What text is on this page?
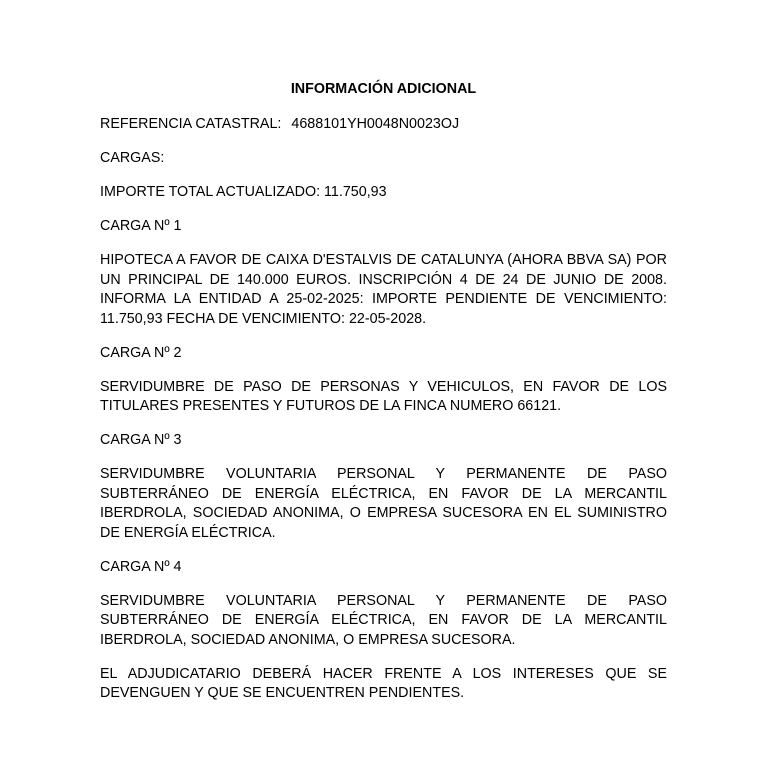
INFORMACIÓN ADICIONAL
REFERENCIA CATASTRAL: 4688101YH0048N0023OJ
CARGAS:
IMPORTE TOTAL ACTUALIZADO: 11.750,93
CARGA Nº 1
HIPOTECA A FAVOR DE CAIXA D'ESTALVIS DE CATALUNYA (AHORA BBVA SA) POR UN PRINCIPAL DE 140.000 EUROS. INSCRIPCIÓN 4 DE 24 DE JUNIO DE 2008. INFORMA LA ENTIDAD A 25-02-2025: IMPORTE PENDIENTE DE VENCIMIENTO: 11.750,93 FECHA DE VENCIMIENTO: 22-05-2028.
CARGA Nº 2
SERVIDUMBRE DE PASO DE PERSONAS Y VEHICULOS, EN FAVOR DE LOS TITULARES PRESENTES Y FUTUROS DE LA FINCA NUMERO 66121.
CARGA Nº 3
SERVIDUMBRE VOLUNTARIA PERSONAL Y PERMANENTE DE PASO SUBTERRÁNEO DE ENERGÍA ELÉCTRICA, EN FAVOR DE LA MERCANTIL IBERDROLA, SOCIEDAD ANONIMA, O EMPRESA SUCESORA EN EL SUMINISTRO DE ENERGÍA ELÉCTRICA.
CARGA Nº 4
SERVIDUMBRE VOLUNTARIA PERSONAL Y PERMANENTE DE PASO SUBTERRÁNEO DE ENERGÍA ELÉCTRICA, EN FAVOR DE LA MERCANTIL IBERDROLA, SOCIEDAD ANONIMA, O EMPRESA SUCESORA.
EL ADJUDICATARIO DEBERÁ HACER FRENTE A LOS INTERESES QUE SE DEVENGUEN Y QUE SE ENCUENTREN PENDIENTES.
